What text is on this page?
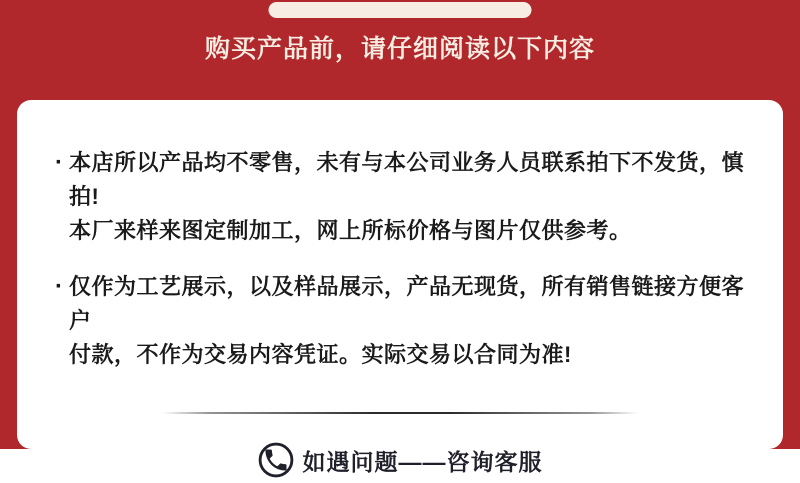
购买产品前，请仔细阅读以下内容
· 本店所以产品均不零售，未有与本公司业务人员联系拍下不发货，慎拍!
本厂来样来图定制加工，网上所标价格与图片仅供参考。
· 仅作为工艺展示，以及样品展示，产品无现货，所有销售链接方便客户
付款，不作为交易内容凭证。实际交易以合同为准!
如遇问题——咨询客服
